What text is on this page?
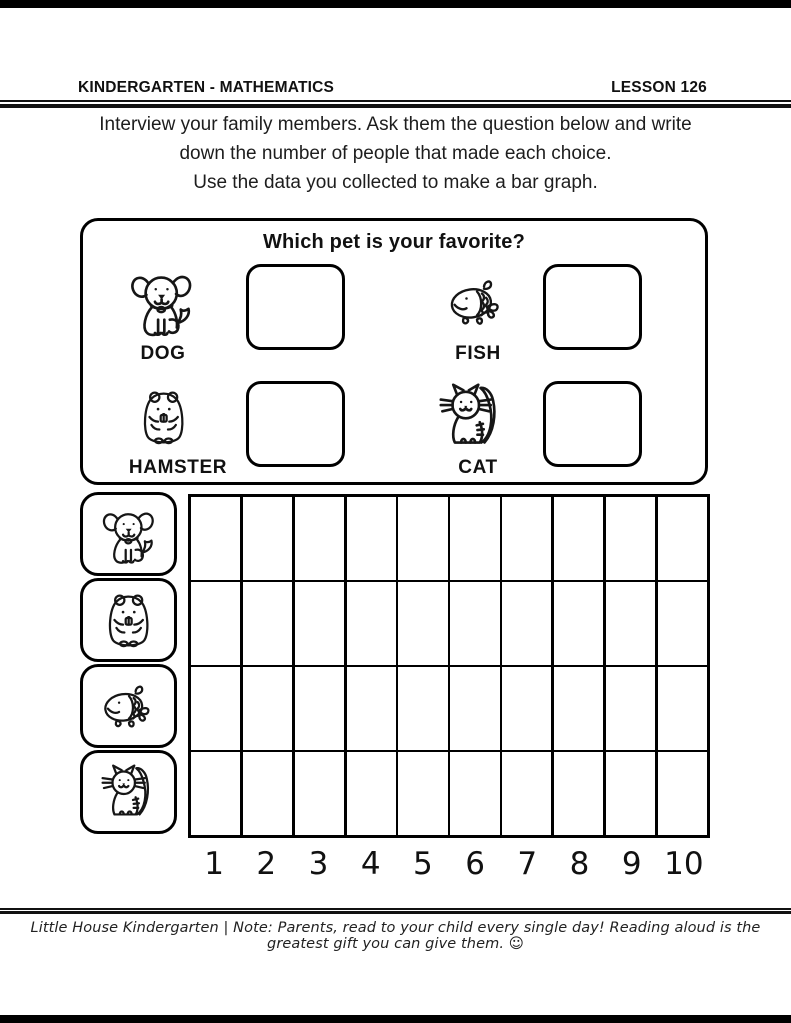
KINDERGARTEN - MATHEMATICS	LESSON 126
Interview your family members. Ask them the question below and write
down the number of people that made each choice.
Use the data you collected to make a bar graph.
Which pet is your favorite?
DOG	FISH
HAMSTER	CAT
1	2	3	4	5	6	7	8	9 10
Little House Kindergarten | Note: Parents, read to your child every single day! Reading aloud is the greatest gift you can give them. ☺
